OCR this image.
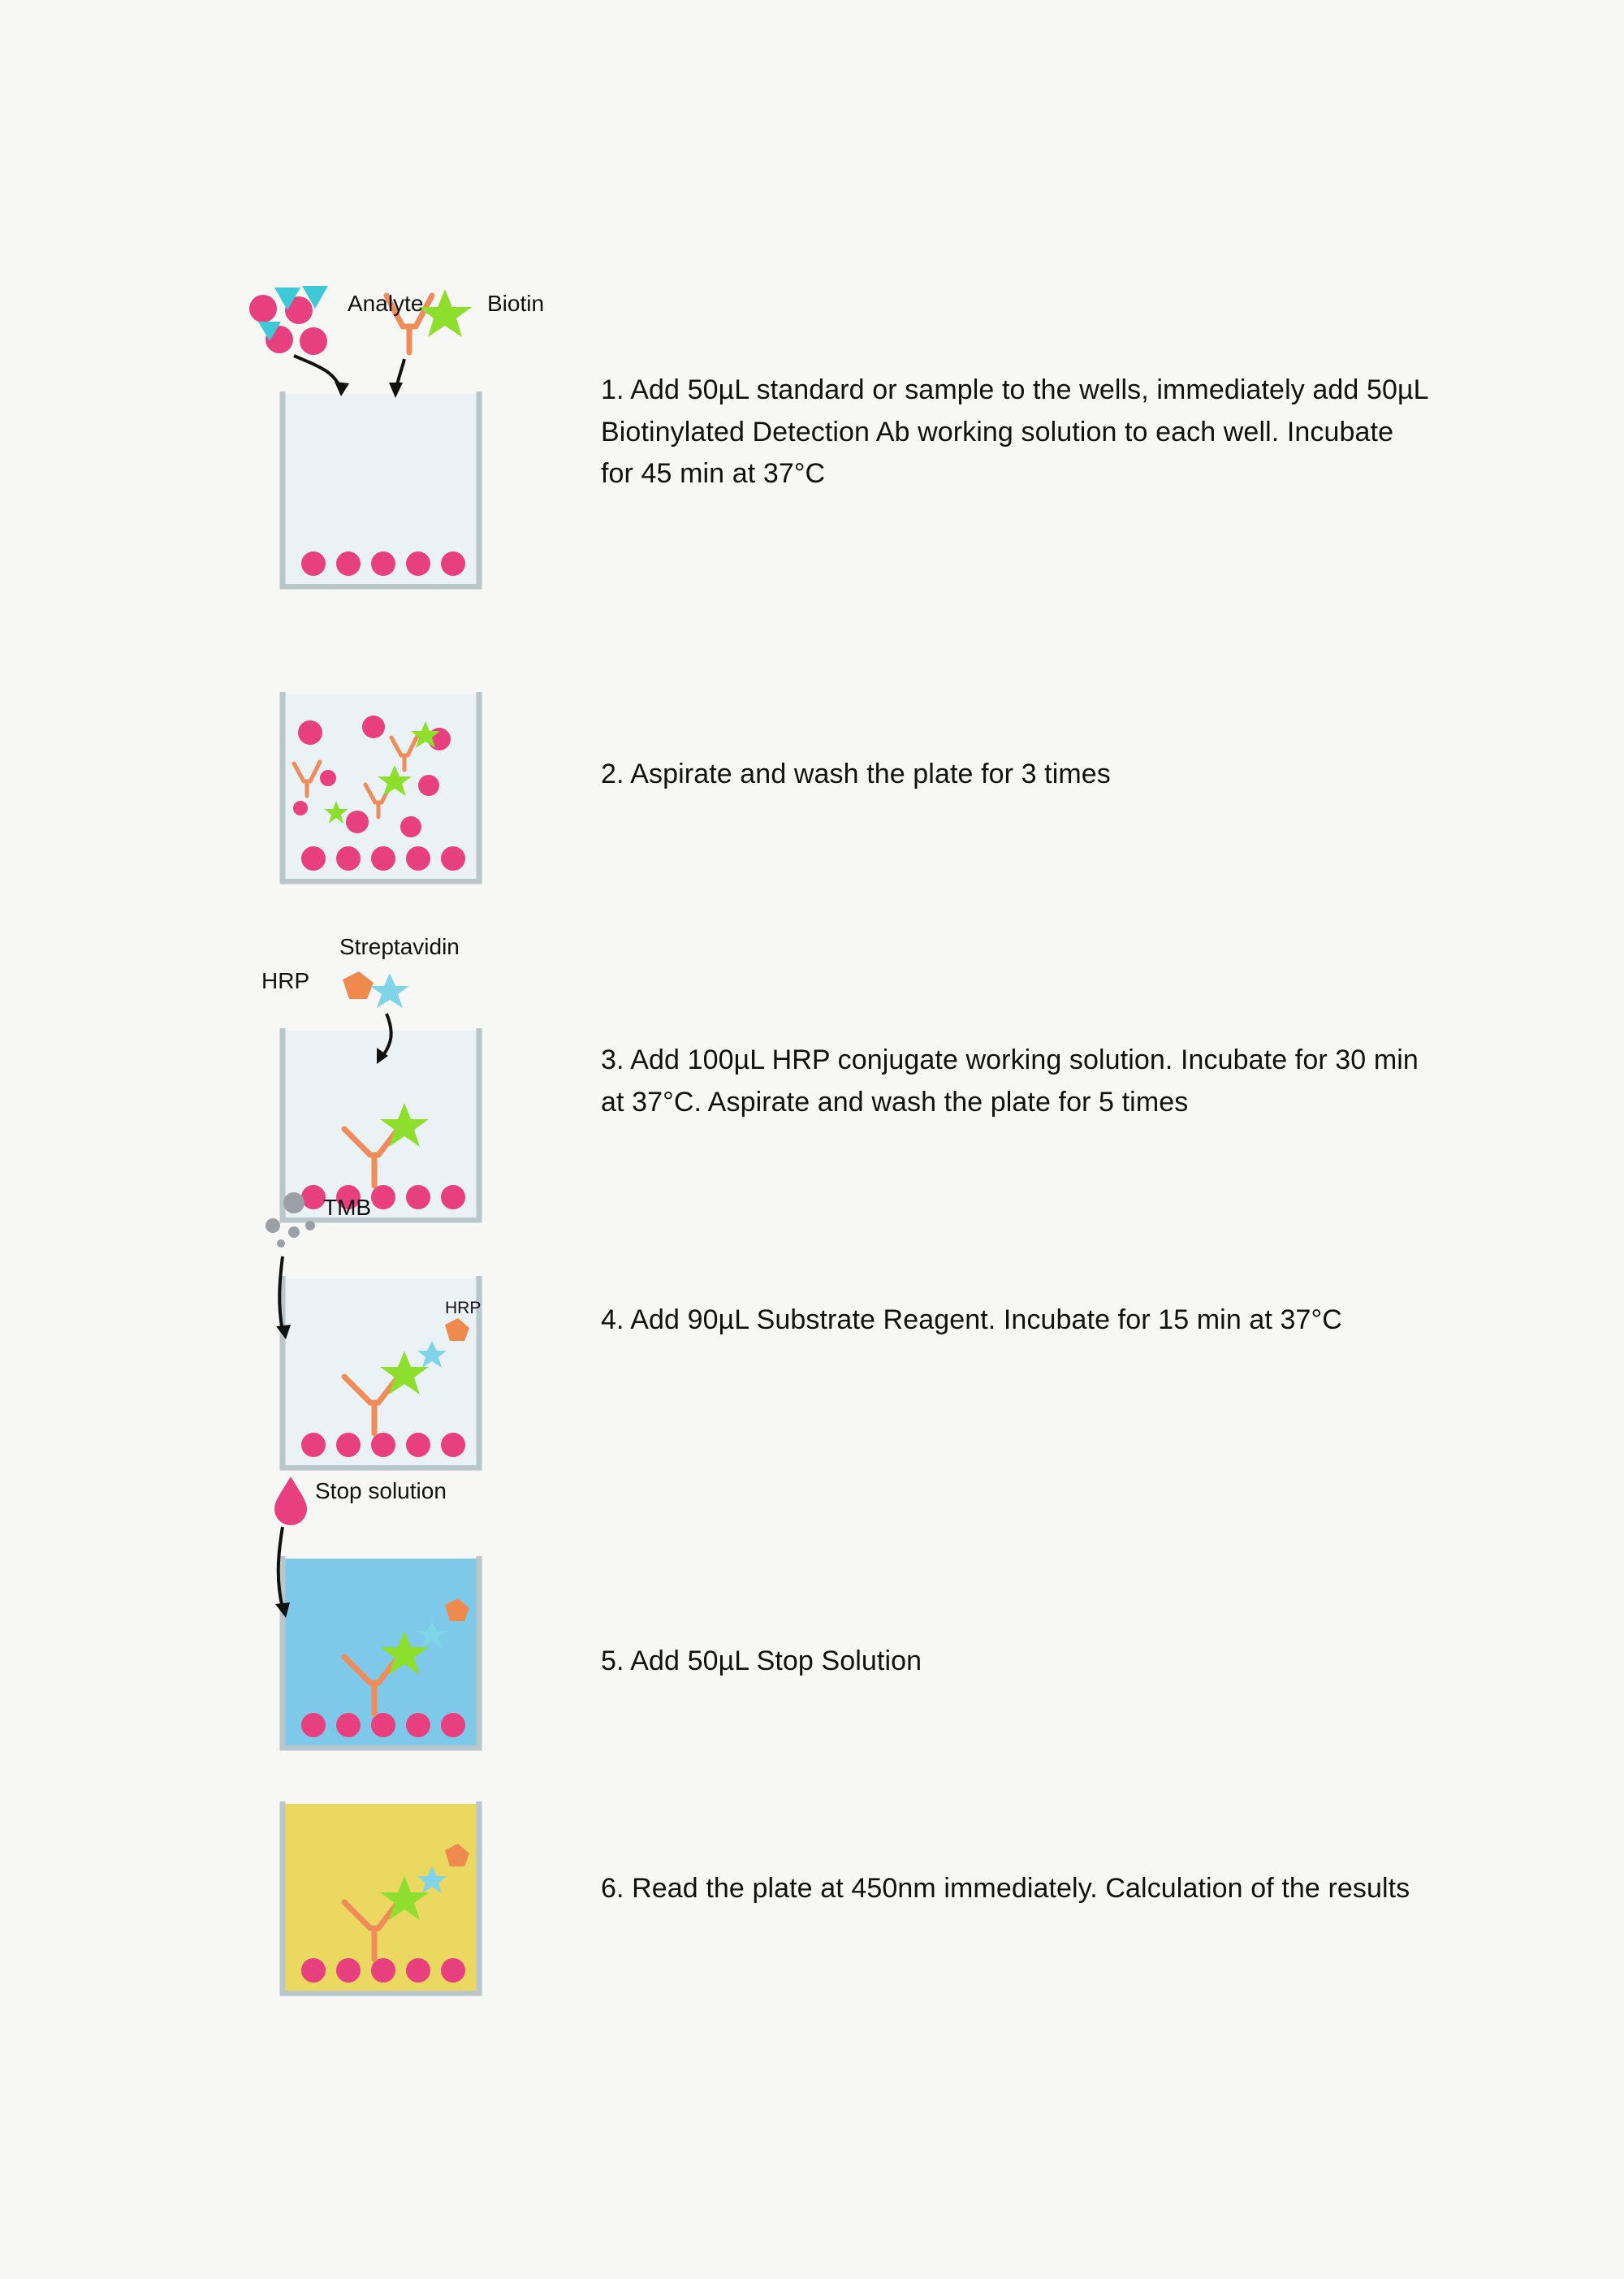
Analyte	Biotin
1. Add 50µL standard or sample to the wells, immediately add 50µL Biotinylated Detection Ab working solution to each well. Incubate for 45 min at 37°C
2. Aspirate and wash the plate for 3 times
HRP
Streptavidin
3. Add 100µL HRP conjugate working solution. Incubate for 30 min at 37°C. Aspirate and wash the plate for 5 times
TMB
HRP	4. Add 90µL Substrate Reagent. Incubate for 15 min at 37°C
Stop solution
5. Add 50µL Stop Solution
6. Read the plate at 450nm immediately. Calculation of the results
